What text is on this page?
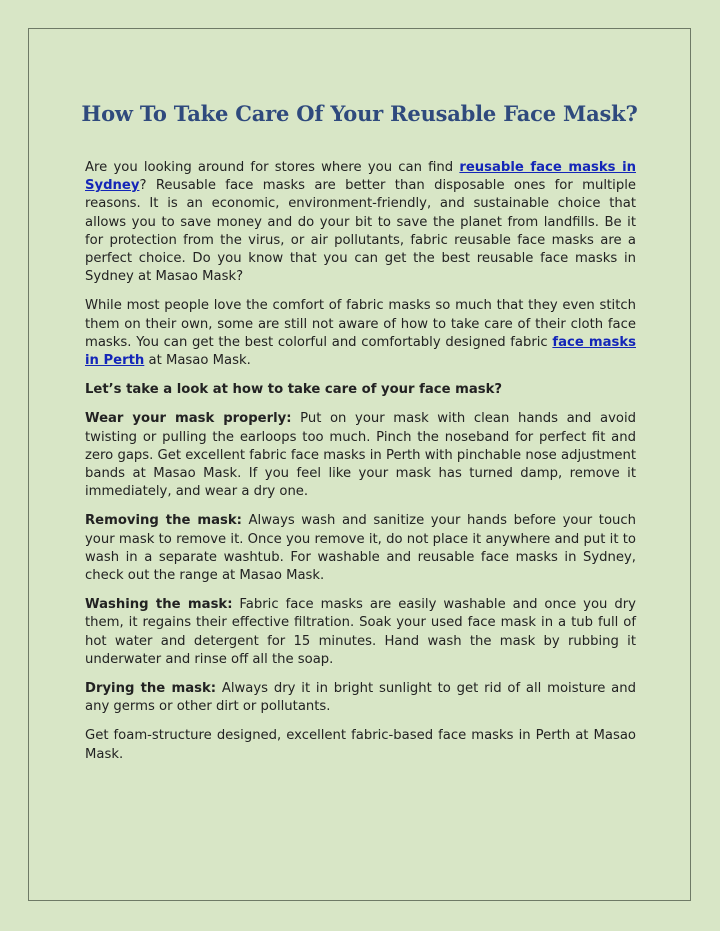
How To Take Care Of Your Reusable Face Mask?

Are you looking around for stores where you can find reusable face masks in Sydney? Reusable face masks are better than disposable ones for multiple reasons. It is an economic, environment-friendly, and sustainable choice that allows you to save money and do your bit to save the planet from landfills. Be it for protection from the virus, or air pollutants, fabric reusable face masks are a perfect choice. Do you know that you can get the best reusable face masks in Sydney at Masao Mask?

While most people love the comfort of fabric masks so much that they even stitch them on their own, some are still not aware of how to take care of their cloth face masks. You can get the best colorful and comfortably designed fabric face masks in Perth at Masao Mask.

Let’s take a look at how to take care of your face mask?

Wear your mask properly: Put on your mask with clean hands and avoid twisting or pulling the earloops too much. Pinch the noseband for perfect fit and zero gaps. Get excellent fabric face masks in Perth with pinchable nose adjustment bands at Masao Mask. If you feel like your mask has turned damp, remove it immediately, and wear a dry one.

Removing the mask: Always wash and sanitize your hands before your touch your mask to remove it. Once you remove it, do not place it anywhere and put it to wash in a separate washtub. For washable and reusable face masks in Sydney, check out the range at Masao Mask.

Washing the mask: Fabric face masks are easily washable and once you dry them, it regains their effective filtration. Soak your used face mask in a tub full of hot water and detergent for 15 minutes. Hand wash the mask by rubbing it underwater and rinse off all the soap.

Drying the mask: Always dry it in bright sunlight to get rid of all moisture and any germs or other dirt or pollutants.

Get foam-structure designed, excellent fabric-based face masks in Perth at Masao Mask.
